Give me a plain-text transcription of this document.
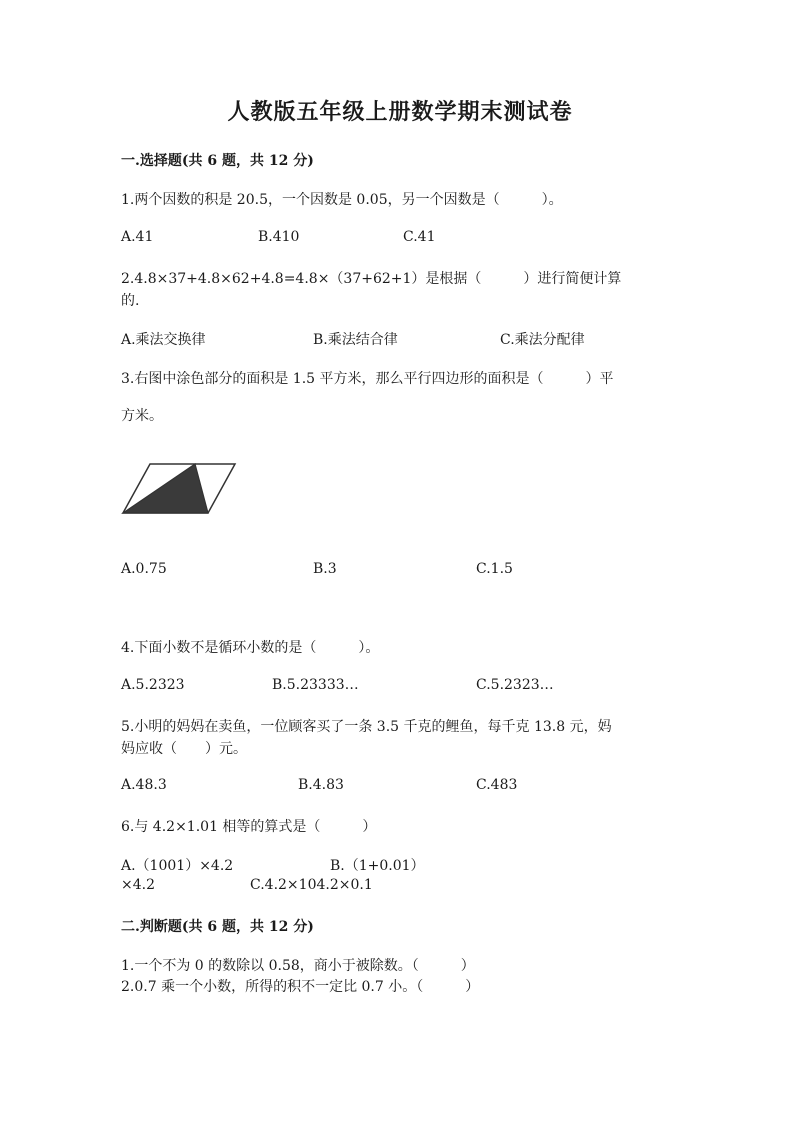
人教版五年级上册数学期末测试卷
一.选择题(共 6 题，共 12 分)
1.两个因数的积是 20.5，一个因数是 0.05，另一个因数是（　　　）。
A.41	B.410	C.41
2.4.8×37+4.8×62+4.8=4.8×（37+62+1）是根据（　　　）进行简便计算
的.
A.乘法交换律	B.乘法结合律	C.乘法分配律
3.右图中涂色部分的面积是 1.5 平方米，那么平行四边形的面积是（　　　）平
方米。
A.0.75	B.3	C.1.5
4.下面小数不是循环小数的是（　　　）。
A.5.2323	B.5.23333…	C.5.2323…
5.小明的妈妈在卖鱼，一位顾客买了一条 3.5 千克的鲤鱼，每千克 13.8 元，妈
妈应收（　　）元。
A.48.3	B.4.83	C.483
6.与 4.2×1.01 相等的算式是（　　　）
A.（1001）×4.2	B.（1+0.01）
×4.2	C.4.2×104.2×0.1
二.判断题(共 6 题，共 12 分)
1.一个不为 0 的数除以 0.58，商小于被除数。（　　　）
2.0.7 乘一个小数，所得的积不一定比 0.7 小。（　　　）
